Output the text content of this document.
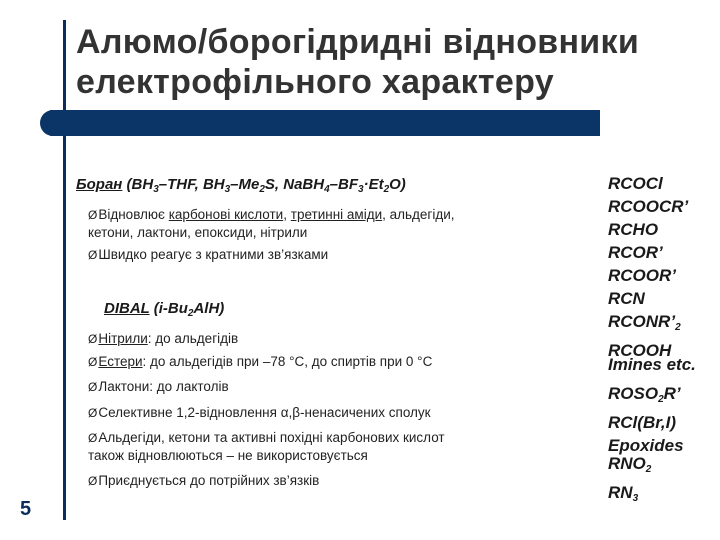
Алюмо/борогідридні відновники
електрофільного характеру
Боран ($BH_3$–THF, $BH_3-Me_2S$, $NaBH_4-BF_3\cdot Et_2O$)
ØВідновлює карбонові кислоти, третинні аміди, альдегіди,
кетони, лактони, епоксиди, нітрили
ØШвидко реагує з кратними зв’язками
DIBAL $(i-Bu_2AlH)$
ØНітрили: до альдегідів
ØЕстери: до альдегідів при –78 °C, до спиртів при 0 °C
ØЛактони: до лактолів
ØСелективне 1,2-відновлення α,β-ненасичених сполук
ØАльдегіди, кетони та активні похідні карбонових кислот
також відновлюються – не використовується
ØПриєднується до потрійних зв’язків
5
RCOCl
RCOOCR’
RCHO
RCOR’
RCOOR’
RCN
$RCONR’_2$
RCOOH
Imines etc.
$ROSO_2R$’
RCl(Br,I)
Epoxides
$RNO_2$
$RN_3$
